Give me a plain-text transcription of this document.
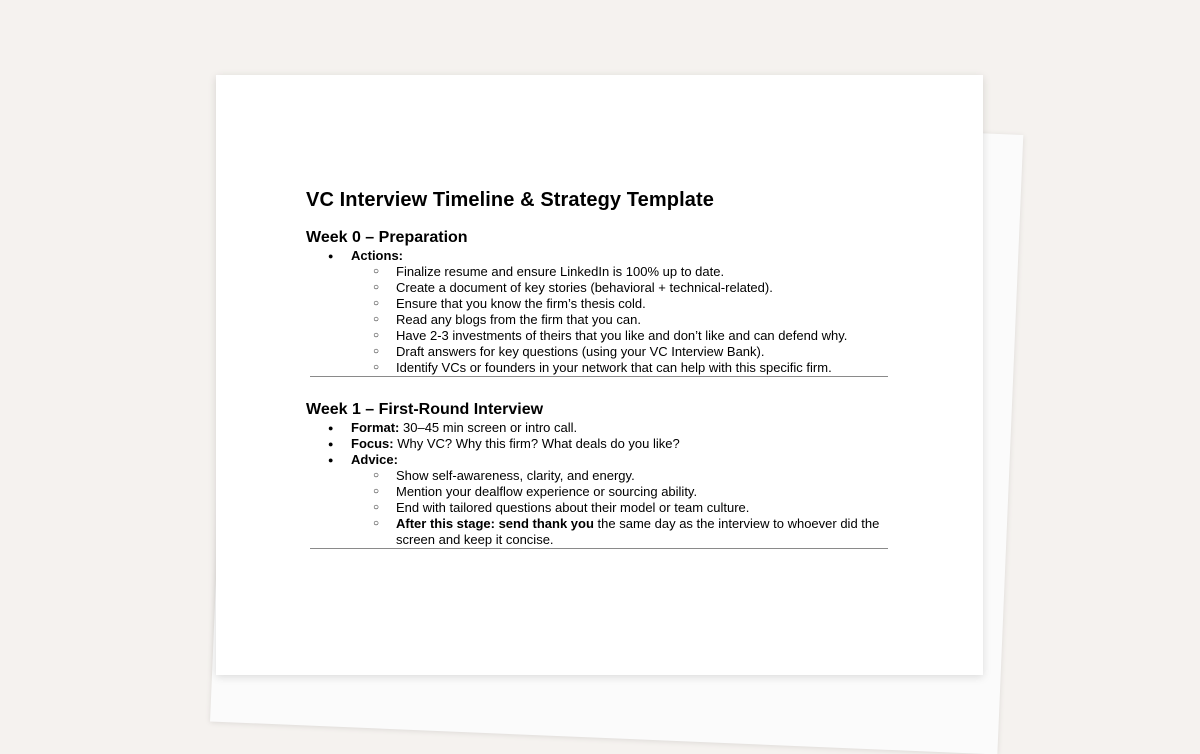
VC Interview Timeline & Strategy Template
Week 0 – Preparation
● Actions:
○ Finalize resume and ensure LinkedIn is 100% up to date.
○ Create a document of key stories (behavioral + technical-related).
○ Ensure that you know the firm’s thesis cold.
○ Read any blogs from the firm that you can.
○ Have 2-3 investments of theirs that you like and don’t like and can defend why.
○ Draft answers for key questions (using your VC Interview Bank).
○ Identify VCs or founders in your network that can help with this specific firm.
Week 1 – First-Round Interview
● Format: 30–45 min screen or intro call.
● Focus: Why VC? Why this firm? What deals do you like?
● Advice:
○ Show self-awareness, clarity, and energy.
○ Mention your dealflow experience or sourcing ability.
○ End with tailored questions about their model or team culture.
○ After this stage: send thank you the same day as the interview to whoever did the screen and keep it concise.
